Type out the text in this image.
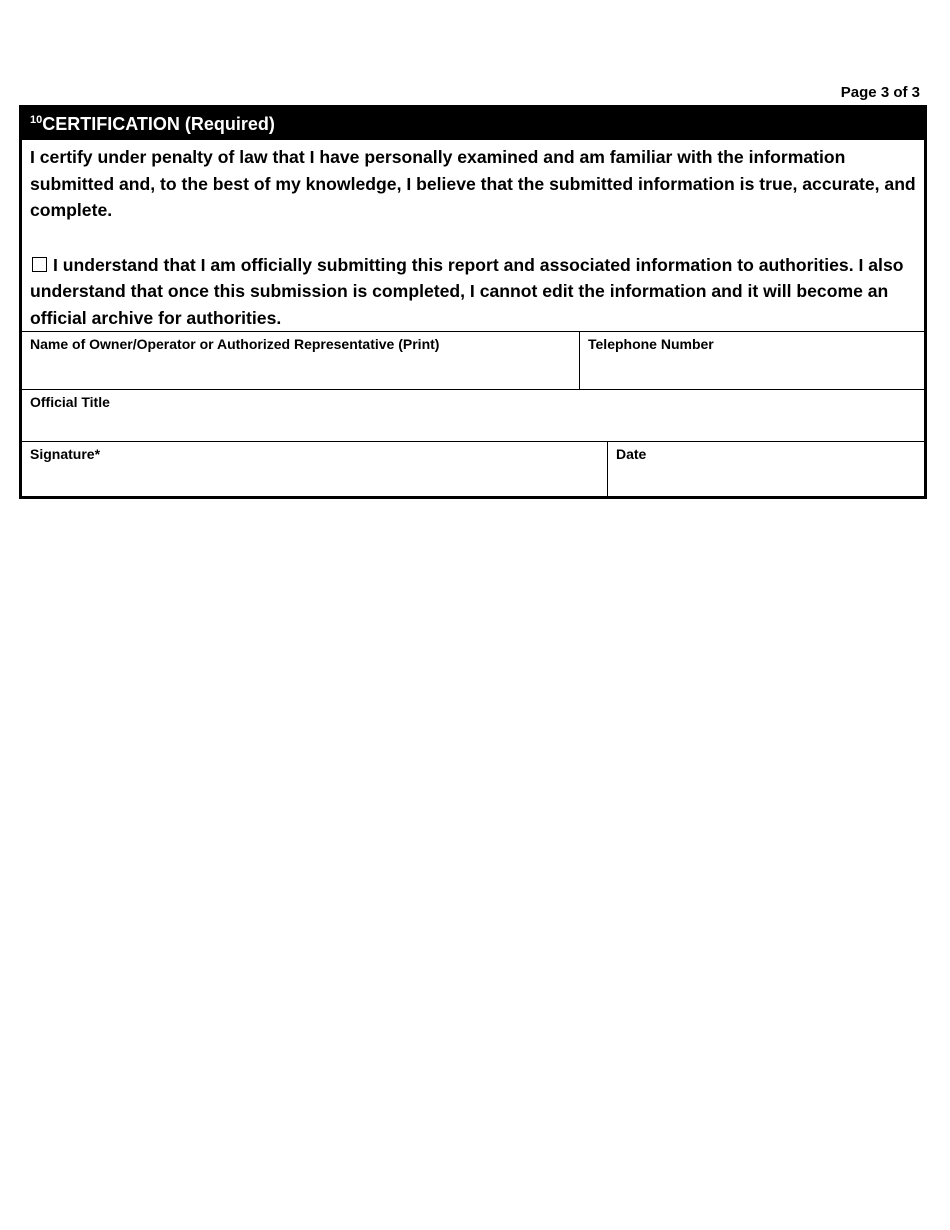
Page 3 of 3
$^{10}$CERTIFICATION (Required)
I certify under penalty of law that I have personally examined and am familiar with the information submitted and, to the best of my knowledge, I believe that the submitted information is true, accurate, and complete.
I understand that I am officially submitting this report and associated information to authorities. I also understand that once this submission is completed, I cannot edit the information and it will become an official archive for authorities.
Name of Owner/Operator or Authorized Representative (Print)	Telephone Number
Official Title
Signature*	Date
